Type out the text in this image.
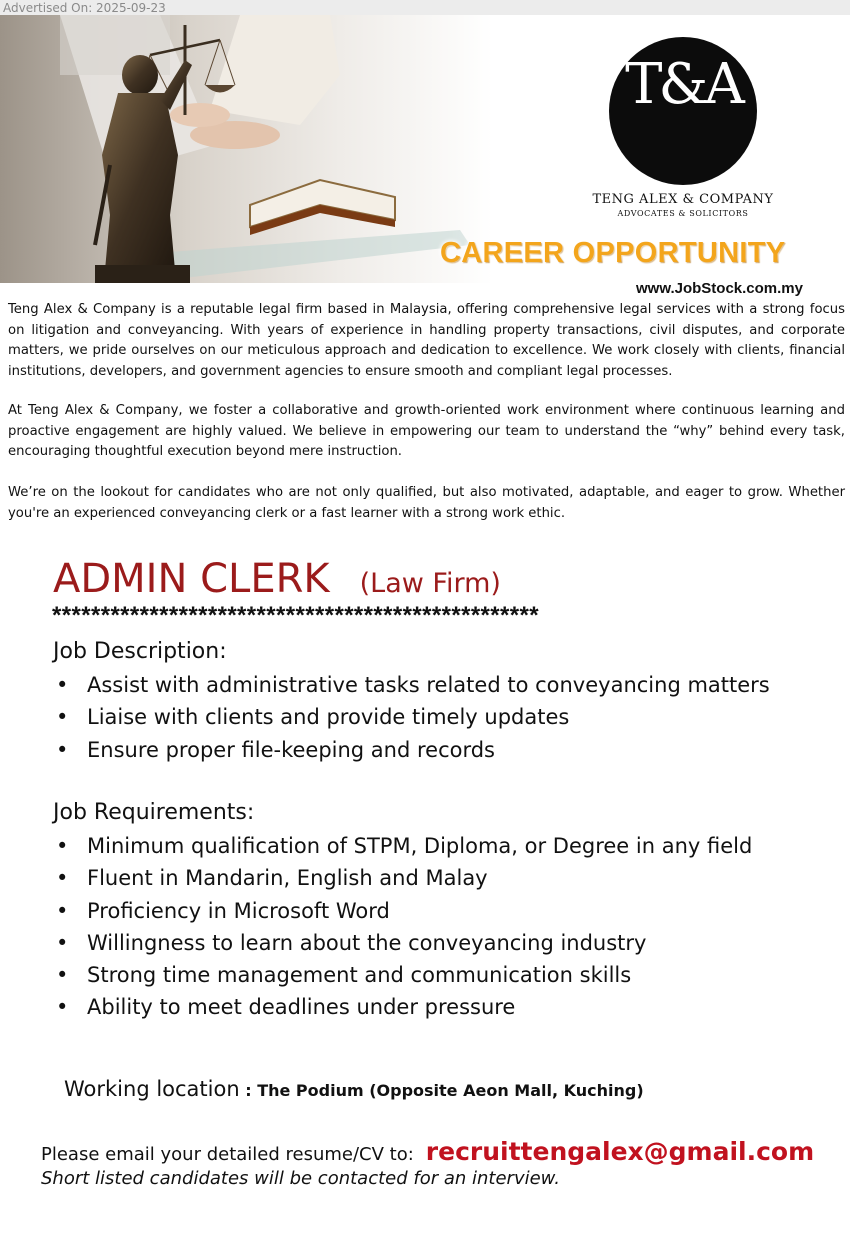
Advertised On: 2025-09-23
T&A
TENG ALEX & COMPANY
ADVOCATES & SOLICITORS
CAREER OPPORTUNITY
www.JobStock.com.my

Teng Alex & Company is a reputable legal firm based in Malaysia, offering comprehensive legal services with a strong focus on litigation and conveyancing. With years of experience in handling property transactions, civil disputes, and corporate matters, we pride ourselves on our meticulous approach and dedication to excellence. We work closely with clients, financial institutions, developers, and government agencies to ensure smooth and compliant legal processes.

At Teng Alex & Company, we foster a collaborative and growth-oriented work environment where continuous learning and proactive engagement are highly valued. We believe in empowering our team to understand the “why” behind every task, encouraging thoughtful execution beyond mere instruction.

We’re on the lookout for candidates who are not only qualified, but also motivated, adaptable, and eager to grow. Whether you're an experienced conveyancing clerk or a fast learner with a strong work ethic.

ADMIN CLERK (Law Firm)
**************************************************
Job Description:
• Assist with administrative tasks related to conveyancing matters
• Liaise with clients and provide timely updates
• Ensure proper file-keeping and records
Job Requirements:
• Minimum qualification of STPM, Diploma, or Degree in any field
• Fluent in Mandarin, English and Malay
• Proficiency in Microsoft Word
• Willingness to learn about the conveyancing industry
• Strong time management and communication skills
• Ability to meet deadlines under pressure
Working location : The Podium (Opposite Aeon Mall, Kuching)
Please email your detailed resume/CV to: recruittengalex@gmail.com
Short listed candidates will be contacted for an interview.
